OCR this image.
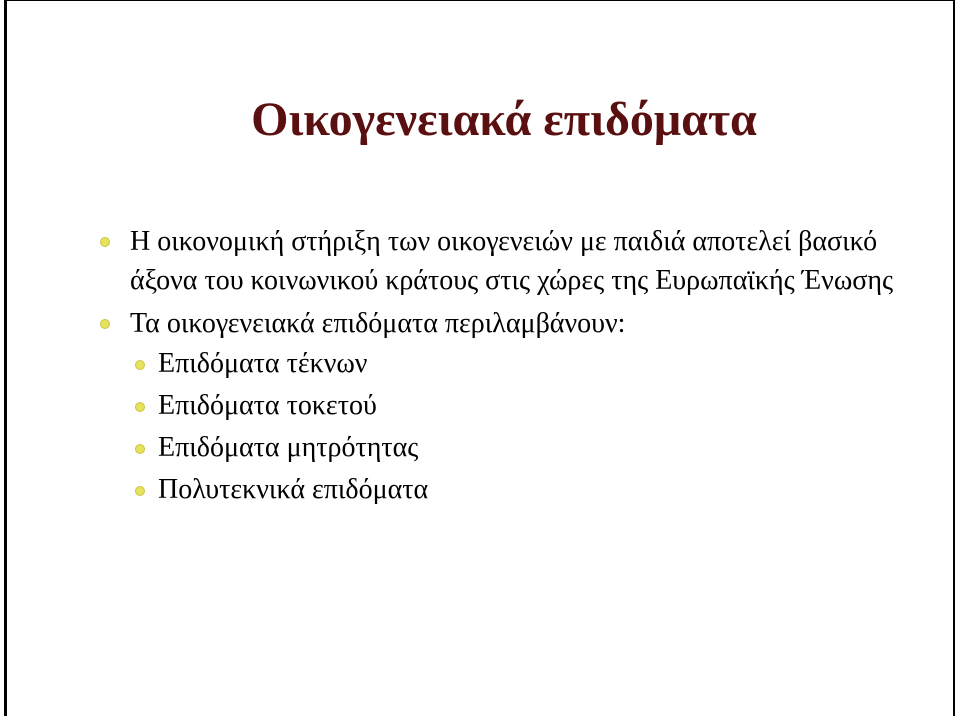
Οικογενειακά επιδόματα
Η οικονομική στήριξη των οικογενειών με παιδιά αποτελεί βασικό άξονα του κοινωνικού κράτους στις χώρες της Ευρωπαϊκής Ένωσης
Τα οικογενειακά επιδόματα περιλαμβάνουν:
Επιδόματα τέκνων
Επιδόματα τοκετού
Επιδόματα μητρότητας
Πολυτεκνικά επιδόματα
